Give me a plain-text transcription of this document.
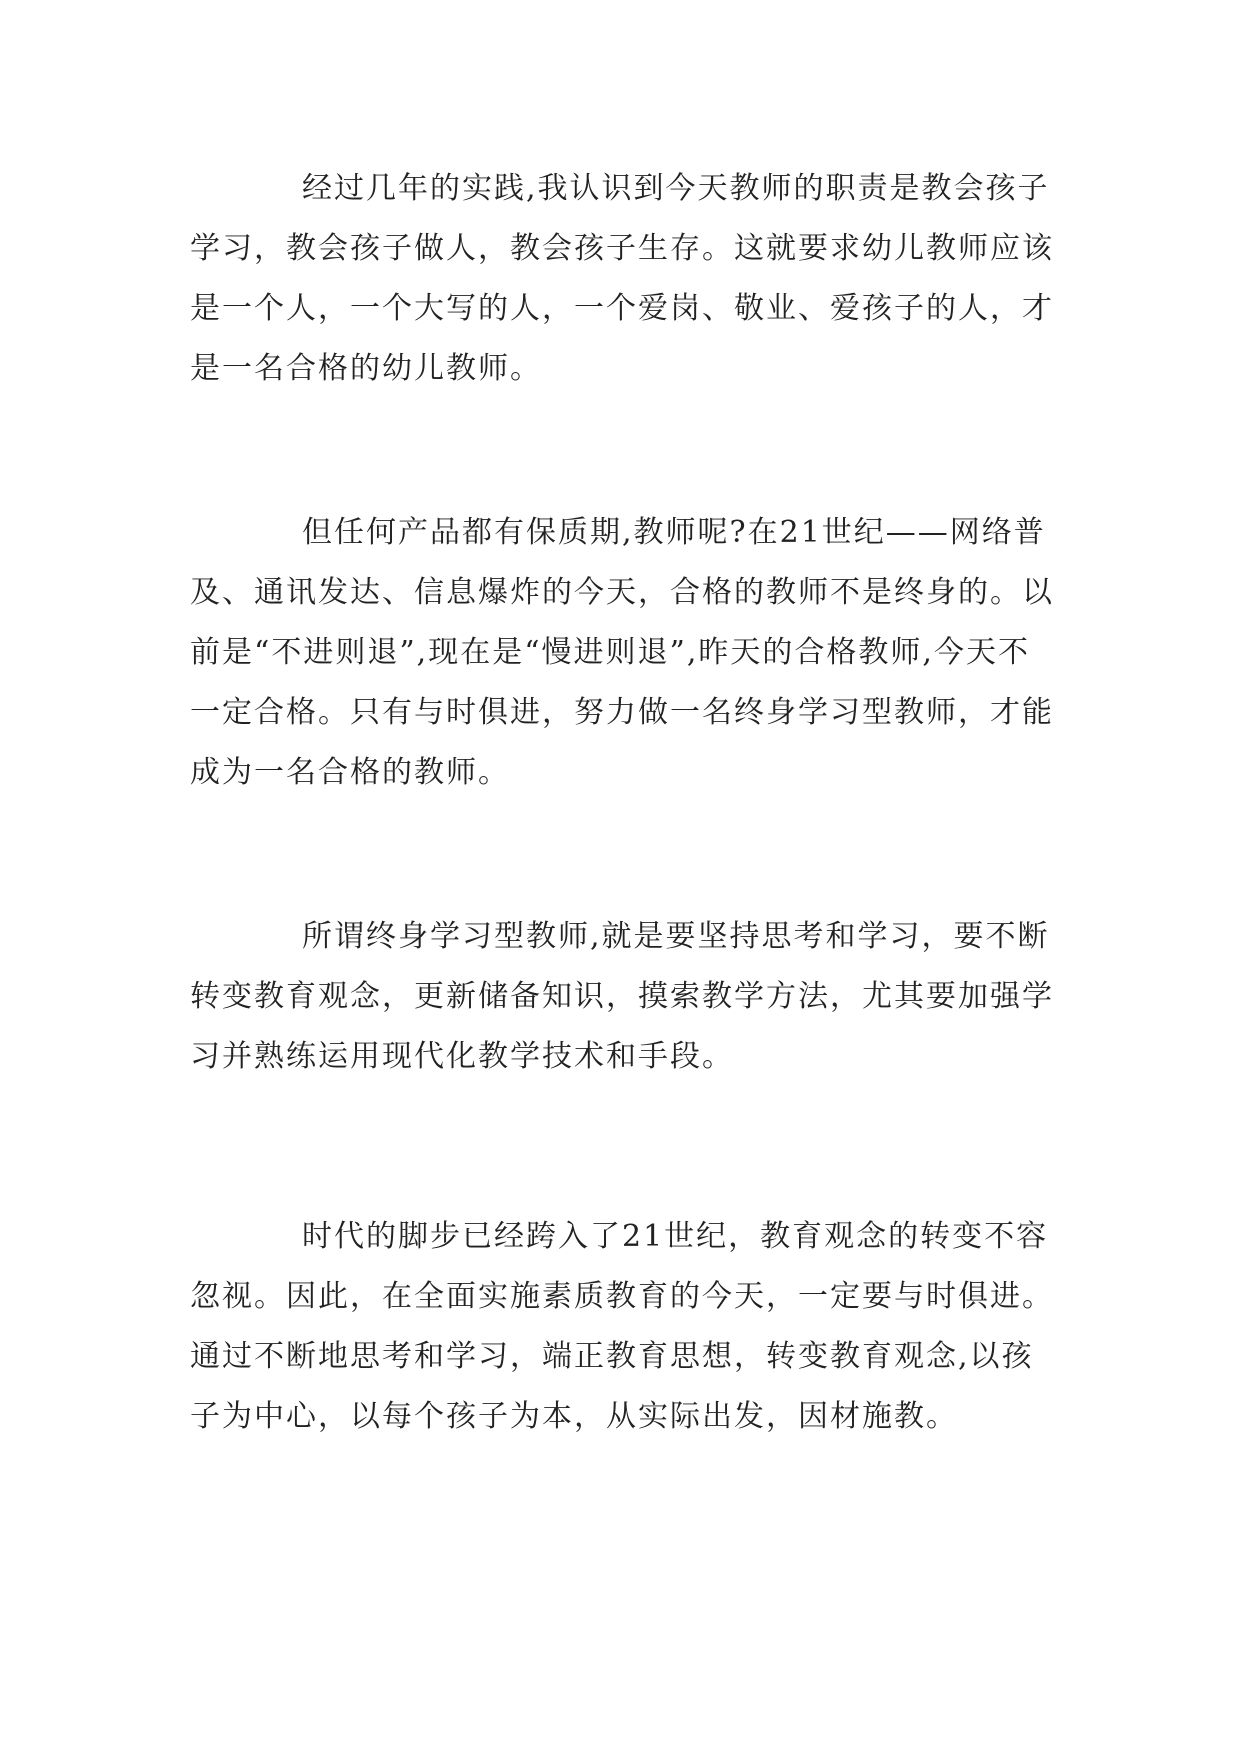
经过几年的实践,我认识到今天教师的职责是教会孩子学习，教会孩子做人，教会孩子生存。这就要求幼儿教师应该是一个人，一个大写的人，一个爱岗、敬业、爱孩子的人，才是一名合格的幼儿教师。

但任何产品都有保质期,教师呢?在21世纪——网络普及、通讯发达、信息爆炸的今天，合格的教师不是终身的。以前是“不进则退”,现在是“慢进则退”,昨天的合格教师,今天不一定合格。只有与时俱进，努力做一名终身学习型教师，才能成为一名合格的教师。

所谓终身学习型教师,就是要坚持思考和学习，要不断转变教育观念，更新储备知识，摸索教学方法，尤其要加强学习并熟练运用现代化教学技术和手段。

时代的脚步已经跨入了21世纪，教育观念的转变不容忽视。因此，在全面实施素质教育的今天，一定要与时俱进。通过不断地思考和学习，端正教育思想，转变教育观念,以孩子为中心，以每个孩子为本，从实际出发，因材施教。
